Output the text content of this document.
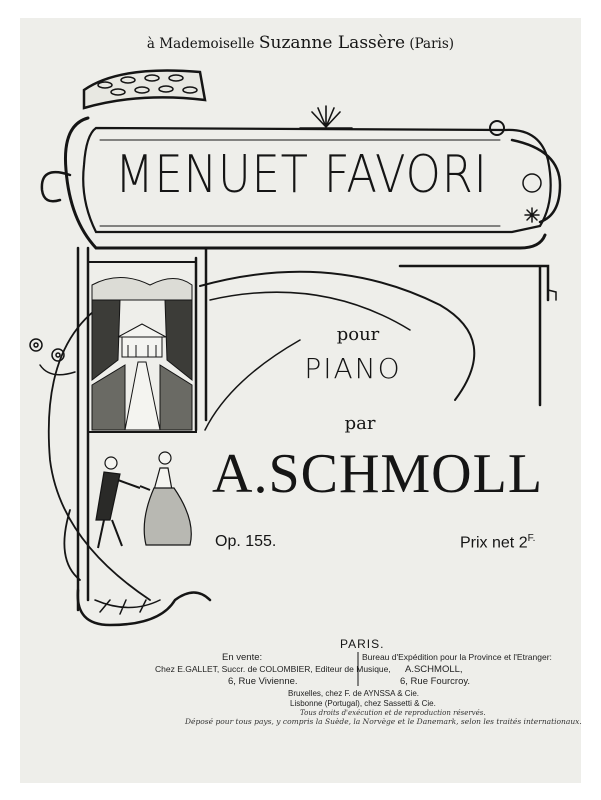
à Mademoiselle Suzanne Lassère (Paris)
MENUET FAVORI
pour
PIANO
par
A.SCHMOLL
Op. 155.	Prix net $2^{F.}$
PARIS.
En vente:
Chez E.GALLET, Succr. de COLOMBIER, Editeur de Musique,
6, Rue Vivienne.
Bureau d'Expédition pour la Province et l'Etranger:
A.SCHMOLL,
6, Rue Fourcroy.
Bruxelles, chez F. de AYNSSA & Cie.
Lisbonne (Portugal), chez Sassetti & Cie.
Tous droits d'exécution et de reproduction réservés.
Déposé pour tous pays, y compris la Suède, la Norvège et le Danemark, selon les traités internationaux.
